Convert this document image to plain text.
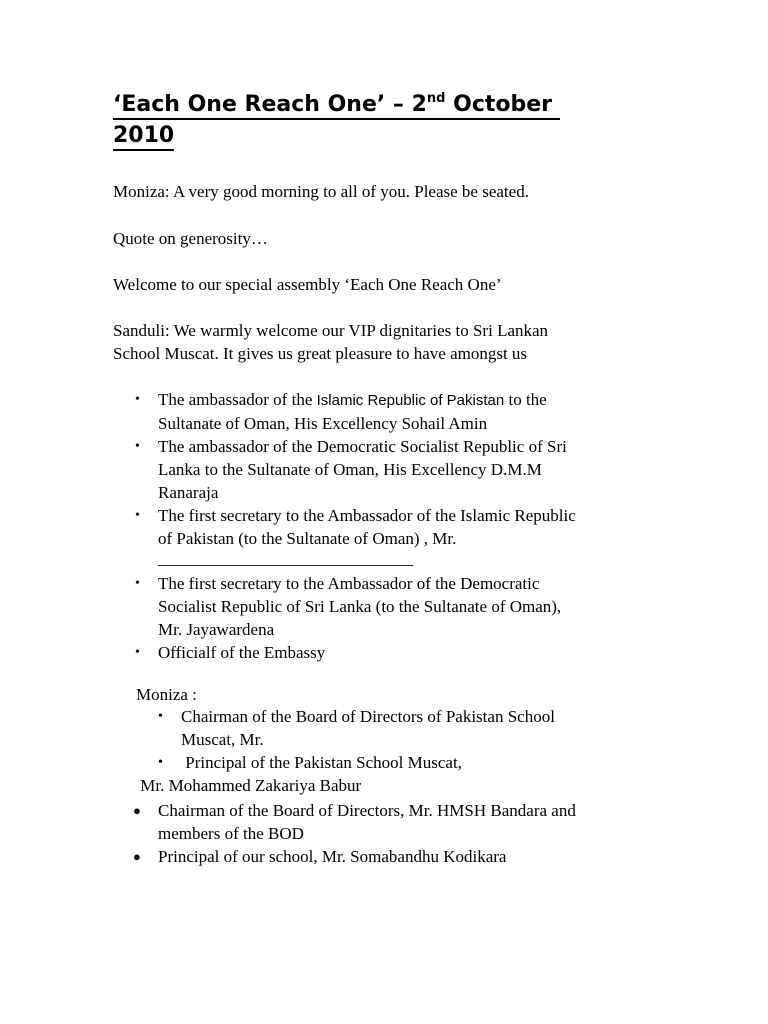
‘Each One Reach One’ – 2nd October
2010

Moniza: A very good morning to all of you. Please be seated.

Quote on generosity…

Welcome to our special assembly ‘Each One Reach One’

Sanduli: We warmly welcome our VIP dignitaries to Sri Lankan
School Muscat. It gives us great pleasure to have amongst us
• The ambassador of the Islamic Republic of Pakistan to the
Sultanate of Oman, His Excellency Sohail Amin
• The ambassador of the Democratic Socialist Republic of Sri
Lanka to the Sultanate of Oman, His Excellency D.M.M
Ranaraja
• The first secretary to the Ambassador of the Islamic Republic
of Pakistan (to the Sultanate of Oman) , Mr.
______________________________
• The first secretary to the Ambassador of the Democratic
Socialist Republic of Sri Lanka (to the Sultanate of Oman),
Mr. Jayawardena
• Officialf of the Embassy

Moniza :

• Chairman of the Board of Directors of Pakistan School
Muscat, Mr.
• Principal of the Pakistan School Muscat,

Mr. Mohammed Zakariya Babur

● Chairman of the Board of Directors, Mr. HMSH Bandara and
members of the BOD
● Principal of our school, Mr. Somabandhu Kodikara
